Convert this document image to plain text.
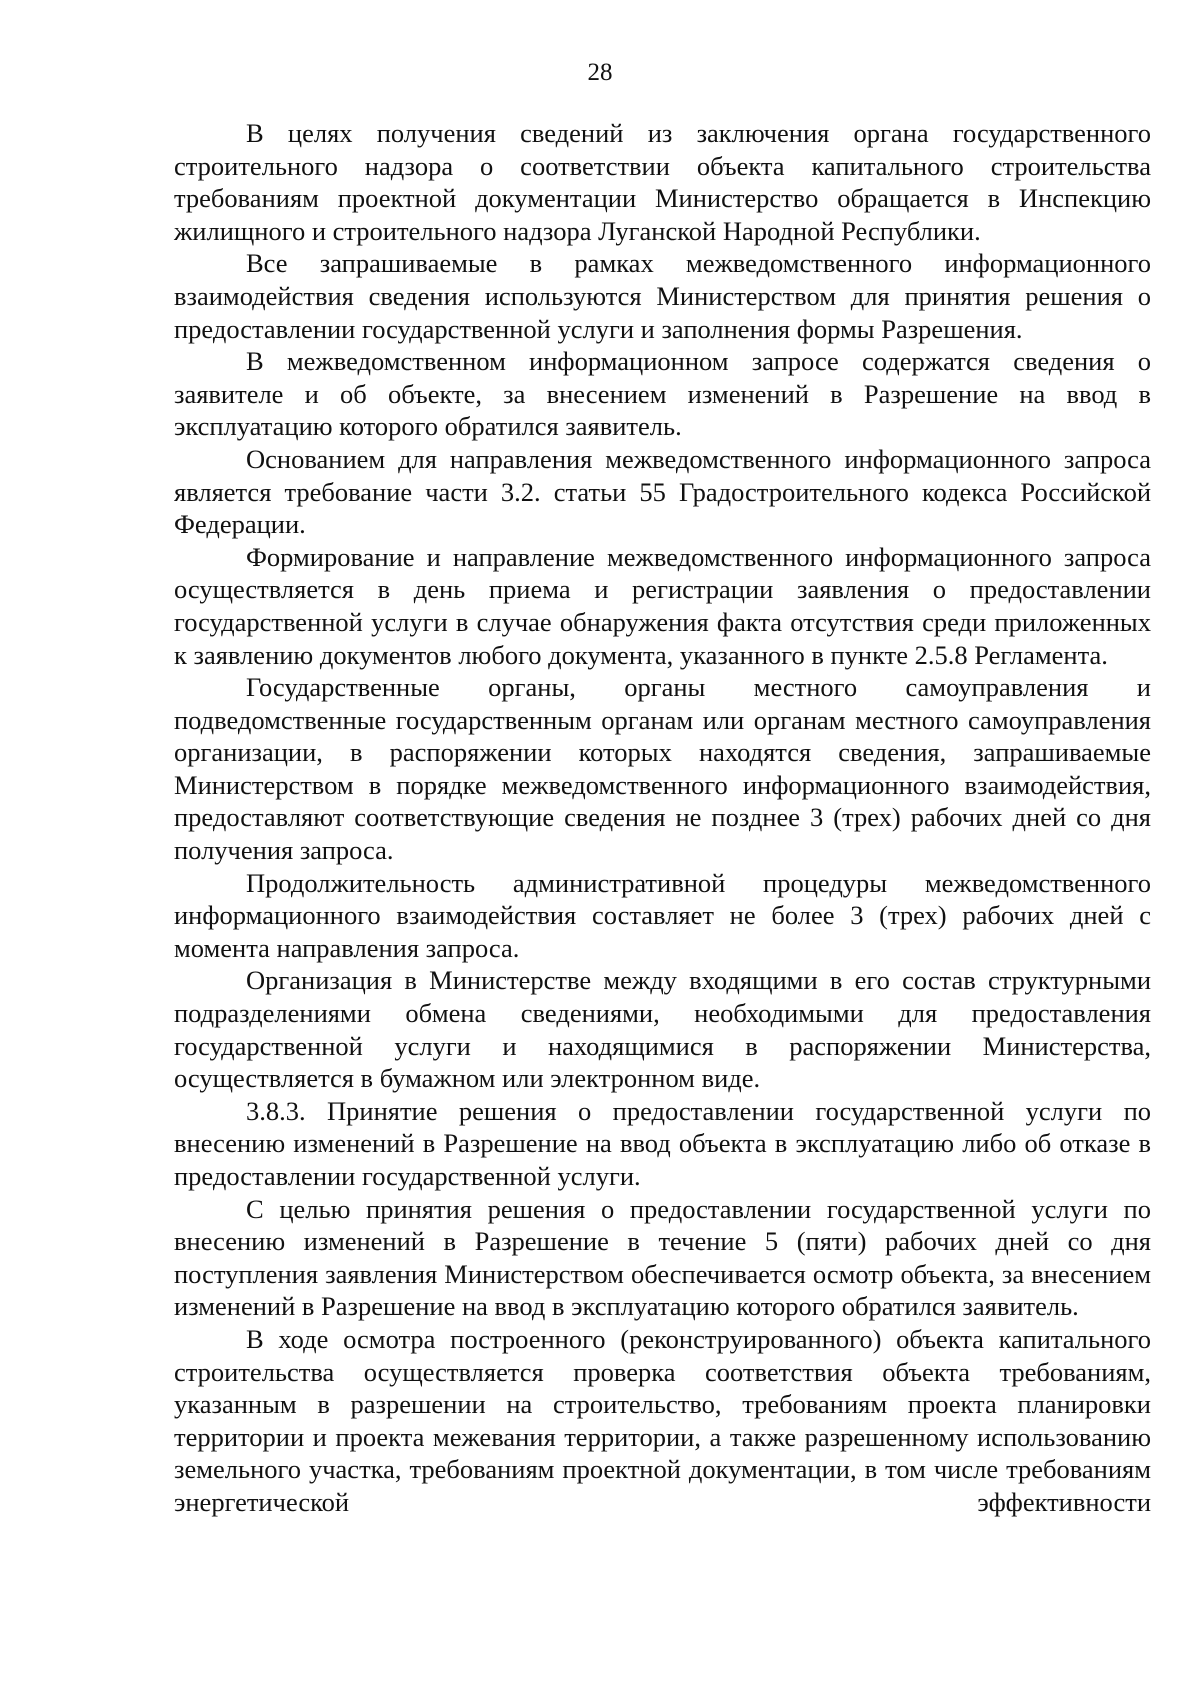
28

В целях получения сведений из заключения органа государственного строительного надзора о соответствии объекта капитального строительства требованиям проектной документации Министерство обращается в Инспекцию жилищного и строительного надзора Луганской Народной Республики.

Все запрашиваемые в рамках межведомственного информационного взаимодействия сведения используются Министерством для принятия решения о предоставлении государственной услуги и заполнения формы Разрешения.

В межведомственном информационном запросе содержатся сведения о заявителе и об объекте, за внесением изменений в Разрешение на ввод в эксплуатацию которого обратился заявитель.

Основанием для направления межведомственного информационного запроса является требование части 3.2. статьи 55 Градостроительного кодекса Российской Федерации.

Формирование и направление межведомственного информационного запроса осуществляется в день приема и регистрации заявления о предоставлении государственной услуги в случае обнаружения факта отсутствия среди приложенных к заявлению документов любого документа, указанного в пункте 2.5.8 Регламента.

Государственные органы, органы местного самоуправления и подведомственные государственным органам или органам местного самоуправления организации, в распоряжении которых находятся сведения, запрашиваемые Министерством в порядке межведомственного информационного взаимодействия, предоставляют соответствующие сведения не позднее 3 (трех) рабочих дней со дня получения запроса.

Продолжительность административной процедуры межведомственного информационного взаимодействия составляет не более 3 (трех) рабочих дней с момента направления запроса.

Организация в Министерстве между входящими в его состав структурными подразделениями обмена сведениями, необходимыми для предоставления государственной услуги и находящимися в распоряжении Министерства, осуществляется в бумажном или электронном виде.

3.8.3. Принятие решения о предоставлении государственной услуги по внесению изменений в Разрешение на ввод объекта в эксплуатацию либо об отказе в предоставлении государственной услуги.

С целью принятия решения о предоставлении государственной услуги по внесению изменений в Разрешение в течение 5 (пяти) рабочих дней со дня поступления заявления Министерством обеспечивается осмотр объекта, за внесением изменений в Разрешение на ввод в эксплуатацию которого обратился заявитель.

В ходе осмотра построенного (реконструированного) объекта капитального строительства осуществляется проверка соответствия объекта требованиям, указанным в разрешении на строительство, требованиям проекта планировки территории и проекта межевания территории, а также разрешенному использованию земельного участка, требованиям проектной документации, в том числе требованиям энергетической эффективности
